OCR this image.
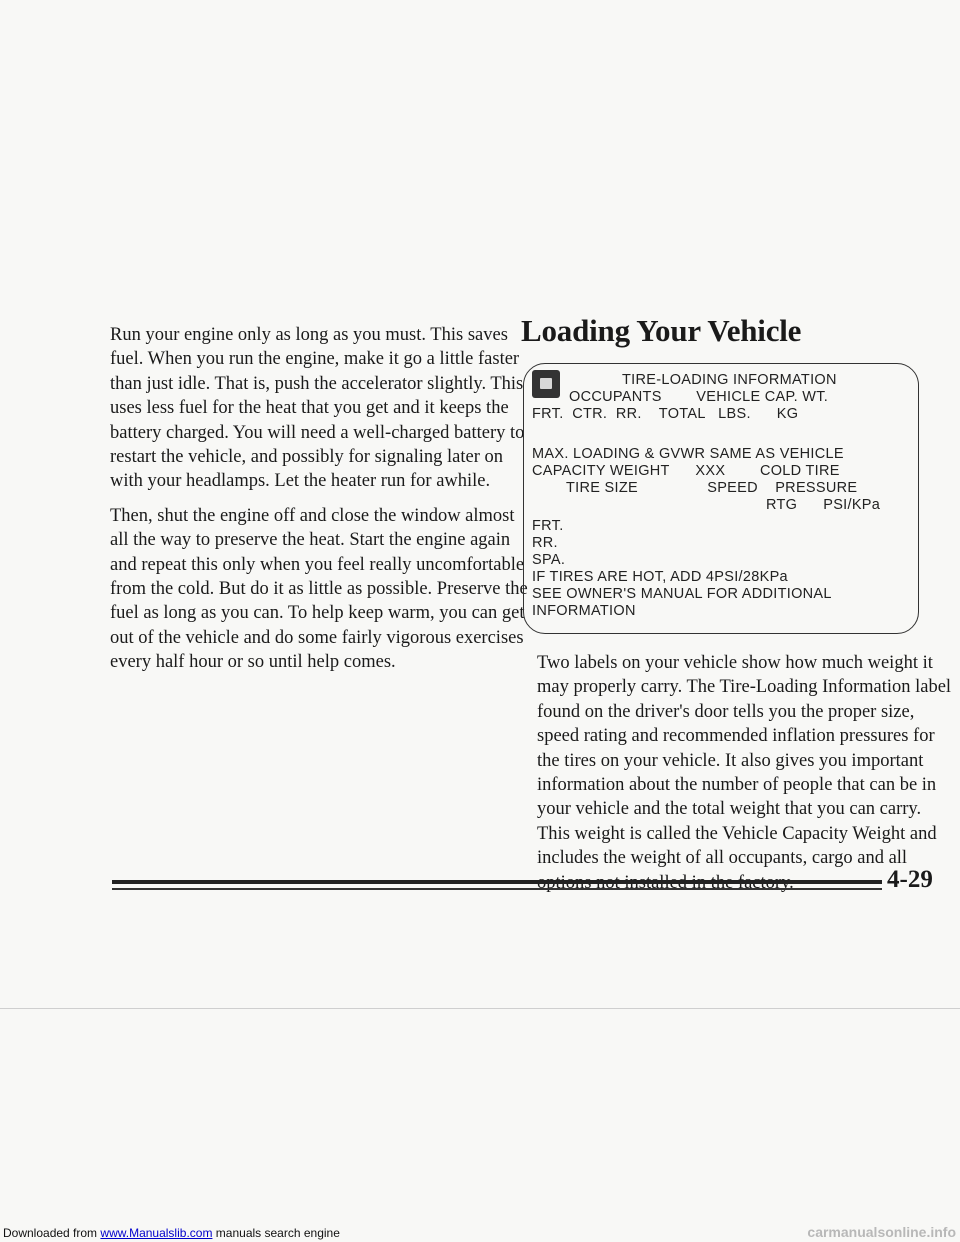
Run your engine only as long as you must. This saves fuel. When you run the engine, make it go a little faster than just idle. That is, push the accelerator slightly. This uses less fuel for the heat that you get and it keeps the battery charged. You will need a well-charged battery to restart the vehicle, and possibly for signaling later on with your headlamps. Let the heater run for awhile.

Then, shut the engine off and close the window almost all the way to preserve the heat. Start the engine again and repeat this only when you feel really uncomfortable from the cold. But do it as little as possible. Preserve the fuel as long as you can. To help keep warm, you can get out of the vehicle and do some fairly vigorous exercises every half hour or so until help comes.

Loading Your Vehicle
TIRE-LOADING INFORMATION
OCCUPANTS        VEHICLE CAP. WT.
FRT.  CTR.  RR.    TOTAL   LBS.      KG
MAX. LOADING & GVWR SAME AS VEHICLE
CAPACITY WEIGHT      XXX        COLD TIRE
TIRE SIZE                SPEED    PRESSURE
RTG      PSI/KPa
FRT.
RR.
SPA.
IF TIRES ARE HOT, ADD 4PSI/28KPa
SEE OWNER'S MANUAL FOR ADDITIONAL
INFORMATION

Two labels on your vehicle show how much weight it may properly carry. The Tire-Loading Information label found on the driver's door tells you the proper size, speed rating and recommended inflation pressures for the tires on your vehicle. It also gives you important information about the number of people that can be in your vehicle and the total weight that you can carry. This weight is called the Vehicle Capacity Weight and includes the weight of all occupants, cargo and all

4-29
Downloaded from www.Manualslib.com manuals search engine	carmanualsonline.info
